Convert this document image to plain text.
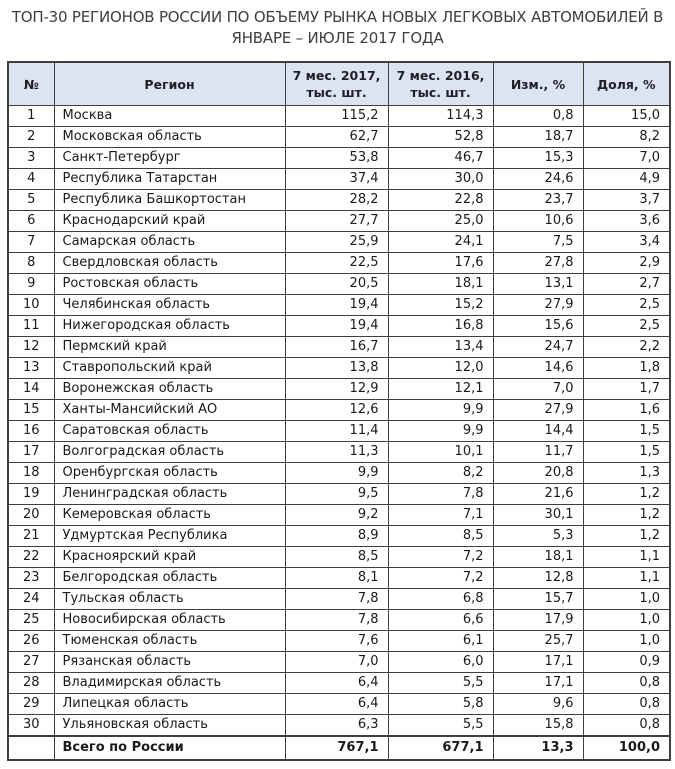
ТОП-30 РЕГИОНОВ РОССИИ ПО ОБЪЕМУ РЫНКА НОВЫХ ЛЕГКОВЫХ АВТОМОБИЛЕЙ В
ЯНВАРЕ – ИЮЛЕ 2017 ГОДА
№	Регион	7 мес. 2017, тыс. шт.	7 мес. 2016, тыс. шт.	Изм., %	Доля, %
1	Москва	115,2	114,3	0,8	15,0
2	Московская область	62,7	52,8	18,7	8,2
3	Санкт-Петербург	53,8	46,7	15,3	7,0
4	Республика Татарстан	37,4	30,0	24,6	4,9
5	Республика Башкортостан	28,2	22,8	23,7	3,7
6	Краснодарский край	27,7	25,0	10,6	3,6
7	Самарская область	25,9	24,1	7,5	3,4
8	Свердловская область	22,5	17,6	27,8	2,9
9	Ростовская область	20,5	18,1	13,1	2,7
10	Челябинская область	19,4	15,2	27,9	2,5
11	Нижегородская область	19,4	16,8	15,6	2,5
12	Пермский край	16,7	13,4	24,7	2,2
13	Ставропольский край	13,8	12,0	14,6	1,8
14	Воронежская область	12,9	12,1	7,0	1,7
15	Ханты-Мансийский АО	12,6	9,9	27,9	1,6
16	Саратовская область	11,4	9,9	14,4	1,5
17	Волгоградская область	11,3	10,1	11,7	1,5
18	Оренбургская область	9,9	8,2	20,8	1,3
19	Ленинградская область	9,5	7,8	21,6	1,2
20	Кемеровская область	9,2	7,1	30,1	1,2
21	Удмуртская Республика	8,9	8,5	5,3	1,2
22	Красноярский край	8,5	7,2	18,1	1,1
23	Белгородская область	8,1	7,2	12,8	1,1
24	Тульская область	7,8	6,8	15,7	1,0
25	Новосибирская область	7,8	6,6	17,9	1,0
26	Тюменская область	7,6	6,1	25,7	1,0
27	Рязанская область	7,0	6,0	17,1	0,9
28	Владимирская область	6,4	5,5	17,1	0,8
29	Липецкая область	6,4	5,8	9,6	0,8
30	Ульяновская область	6,3	5,5	15,8	0,8
	Всего по России	767,1	677,1	13,3	100,0
